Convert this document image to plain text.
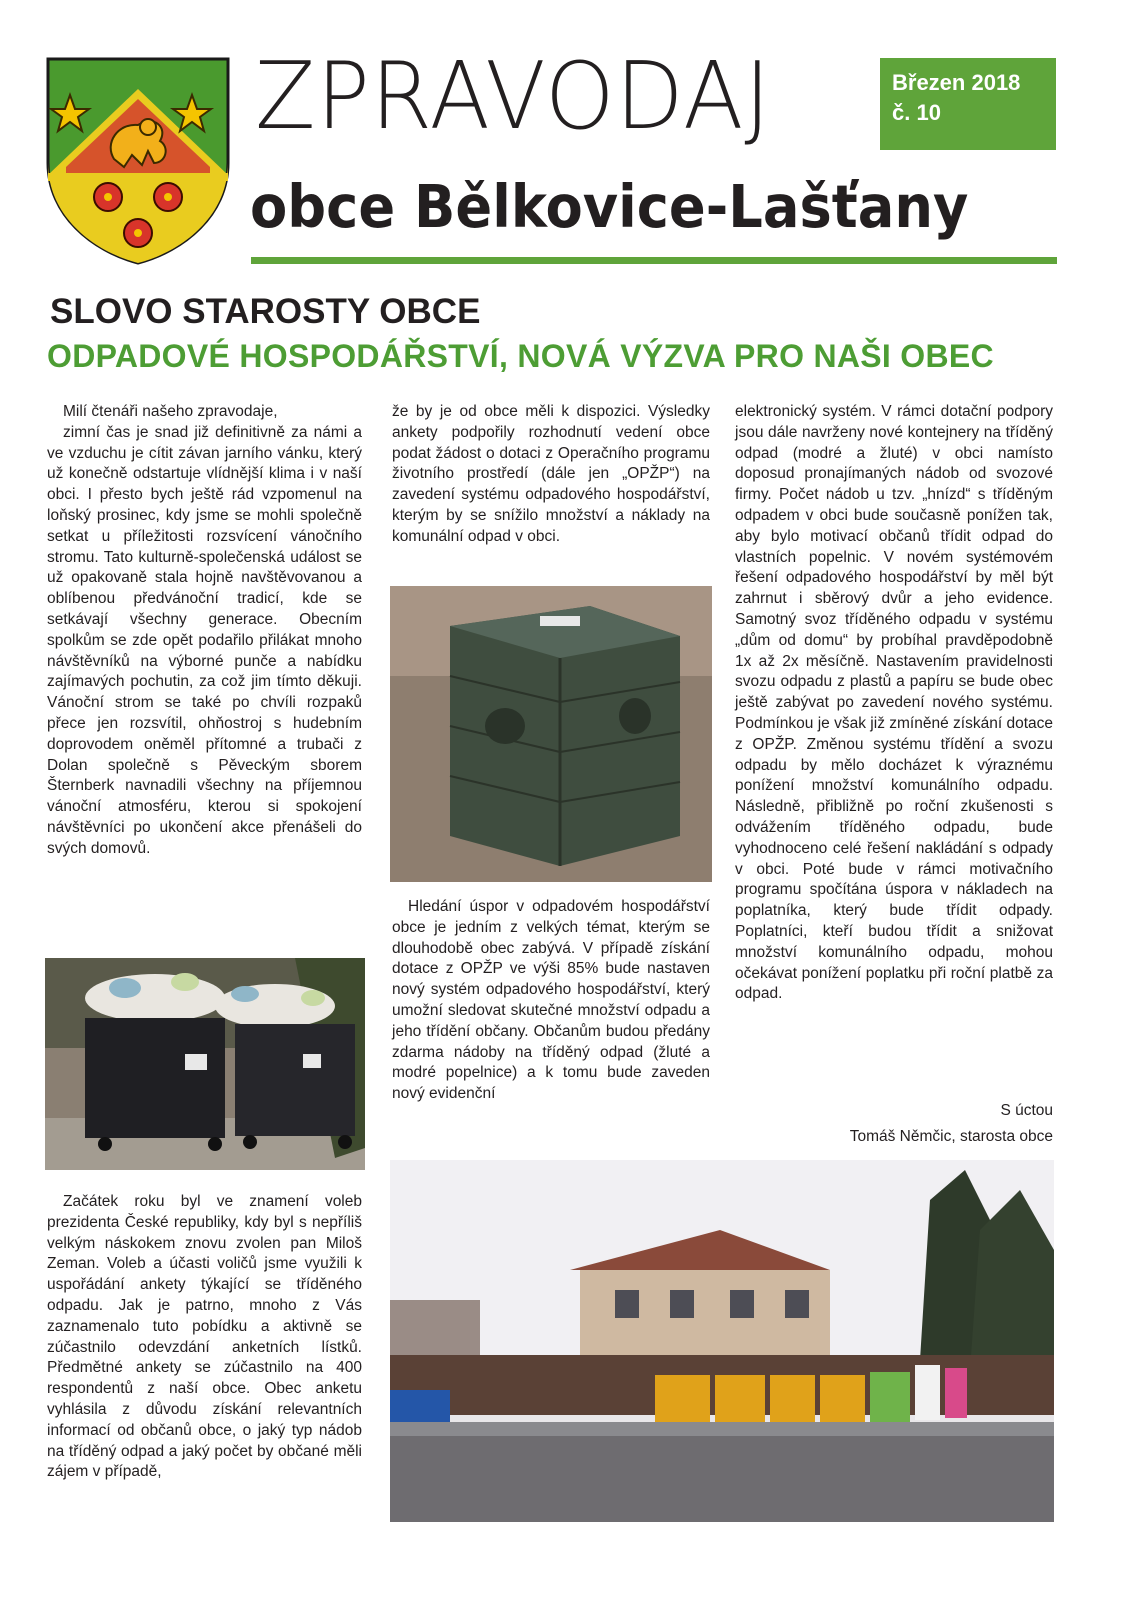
ZPRAVODAJ
obce Bělkovice-Lašťany
Březen 2018
č. 10
SLOVO STAROSTY OBCE
ODPADOVÉ HOSPODÁŘSTVÍ, NOVÁ VÝZVA PRO NAŠI OBEC

Milí čtenáři našeho zpravodaje,

zimní čas je snad již definitivně za námi a ve vzduchu je cítit závan jarního vánku, který už konečně odstartuje vlídnější klima i v naší obci. I přesto bych ještě rád vzpomenul na loňský prosinec, kdy jsme se mohli společně setkat u příležitosti rozsvícení vánočního stromu. Tato kulturně-společenská událost se už opakovaně stala hojně navštěvovanou a oblíbenou předvánoční tradicí, kde se setkávají všechny generace. Obecním spolkům se zde opět podařilo přilákat mnoho návštěvníků na výborné punče a nabídku zajímavých pochutin, za což jim tímto děkuji. Vánoční strom se také po chvíli rozpaků přece jen rozsvítil, ohňostroj s hudebním doprovodem oněměl přítomné a trubači z Dolan společně s Pěveckým sborem Šternberk navnadili všechny na příjemnou vánoční atmosféru, kterou si spokojení návštěvníci po ukončení akce přenášeli do svých domovů.

Začátek roku byl ve znamení voleb prezidenta České republiky, kdy byl s nepříliš velkým náskokem znovu zvolen pan Miloš Zeman. Voleb a účasti voličů jsme využili k uspořádání ankety týkající se tříděného odpadu. Jak je patrno, mnoho z Vás zaznamenalo tuto pobídku a aktivně se zúčastnilo odevzdání anketních lístků. Předmětné ankety se zúčastnilo na 400 respondentů z naší obce. Obec anketu vyhlásila z důvodu získání relevantních informací od občanů obce, o jaký typ nádob na tříděný odpad a jaký počet by občané měli zájem v případě,

že by je od obce měli k dispozici. Výsledky ankety podpořily rozhodnutí vedení obce podat žádost o dotaci z Operačního programu životního prostředí (dále jen „OPŽP“) na zavedení systému odpadového hospodářství, kterým by se snížilo množství a náklady na komunální odpad v obci.

Hledání úspor v odpadovém hospodářství obce je jedním z velkých témat, kterým se dlouhodobě obec zabývá. V případě získání dotace z OPŽP ve výši 85% bude nastaven nový systém odpadového hospodářství, který umožní sledovat skutečné množství odpadu a jeho třídění občany. Občanům budou předány zdarma nádoby na tříděný odpad (žluté a modré popelnice) a k tomu bude zaveden nový evidenční

elektronický systém. V rámci dotační podpory jsou dále navrženy nové kontejnery na tříděný odpad (modré a žluté) v obci namísto doposud pronajímaných nádob od svozové firmy. Počet nádob u tzv. „hnízd“ s tříděným odpadem v obci bude současně ponížen tak, aby bylo motivací občanů třídit odpad do vlastních popelnic. V novém systémovém řešení odpadového hospodářství by měl být zahrnut i sběrový dvůr a jeho evidence. Samotný svoz tříděného odpadu v systému „dům od domu“ by probíhal pravděpodobně 1x až 2x měsíčně. Nastavením pravidelnosti svozu odpadu z plastů a papíru se bude obec ještě zabývat po zavedení nového systému. Podmínkou je však již zmíněné získání dotace z OPŽP. Změnou systému třídění a svozu odpadu by mělo docházet k výraznému ponížení množství komunálního odpadu. Následně, přibližně po roční zkušenosti s odvážením tříděného odpadu, bude vyhodnoceno celé řešení nakládání s odpady v obci. Poté bude v rámci motivačního programu spočítána úspora v nákladech na poplatníka, který bude třídit odpady. Poplatníci, kteří budou třídit a snižovat množství komunálního odpadu, mohou očekávat ponížení poplatku při roční platbě za odpad.

S úctou
Tomáš Němčic, starosta obce
